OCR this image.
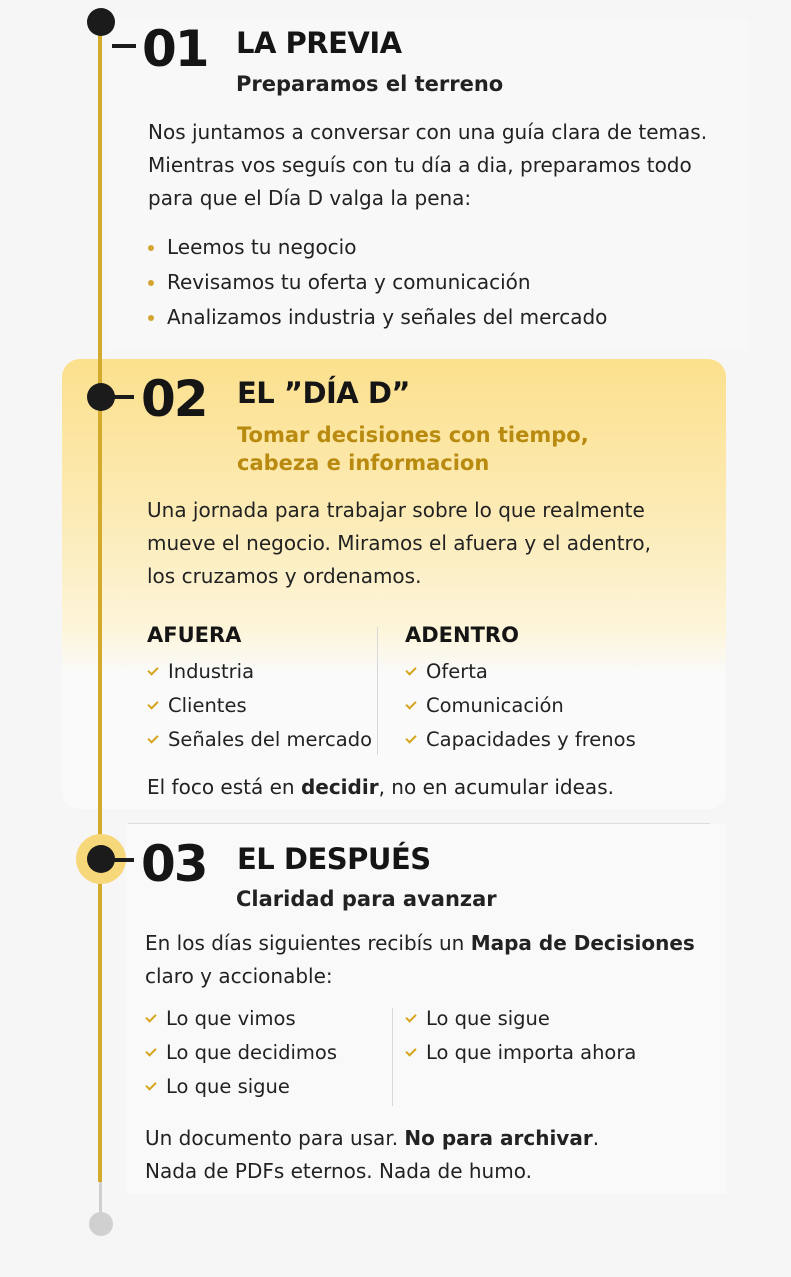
01 LA PREVIA
Preparamos el terreno
Nos juntamos a conversar con una guía clara de temas.
Mientras vos seguís con tu día a dia, preparamos todo
para que el Día D valga la pena:
Leemos tu negocio
Revisamos tu oferta y comunicación
Analizamos industria y señales del mercado
02 EL ”DÍA D”
Tomar decisiones con tiempo,
cabeza e informacion
Una jornada para trabajar sobre lo que realmente
mueve el negocio. Miramos el afuera y el adentro,
los cruzamos y ordenamos.
AFUERA
Industria
Clientes
Señales del mercado
ADENTRO
Oferta
Comunicación
Capacidades y frenos
El foco está en decidir, no en acumular ideas.
03 EL DESPUÉS
Claridad para avanzar
En los días siguientes recibís un Mapa de Decisiones
claro y accionable:
Lo que vimos
Lo que decidimos
Lo que sigue
Lo que sigue
Lo que importa ahora
Un documento para usar. No para archivar.
Nada de PDFs eternos. Nada de humo.
